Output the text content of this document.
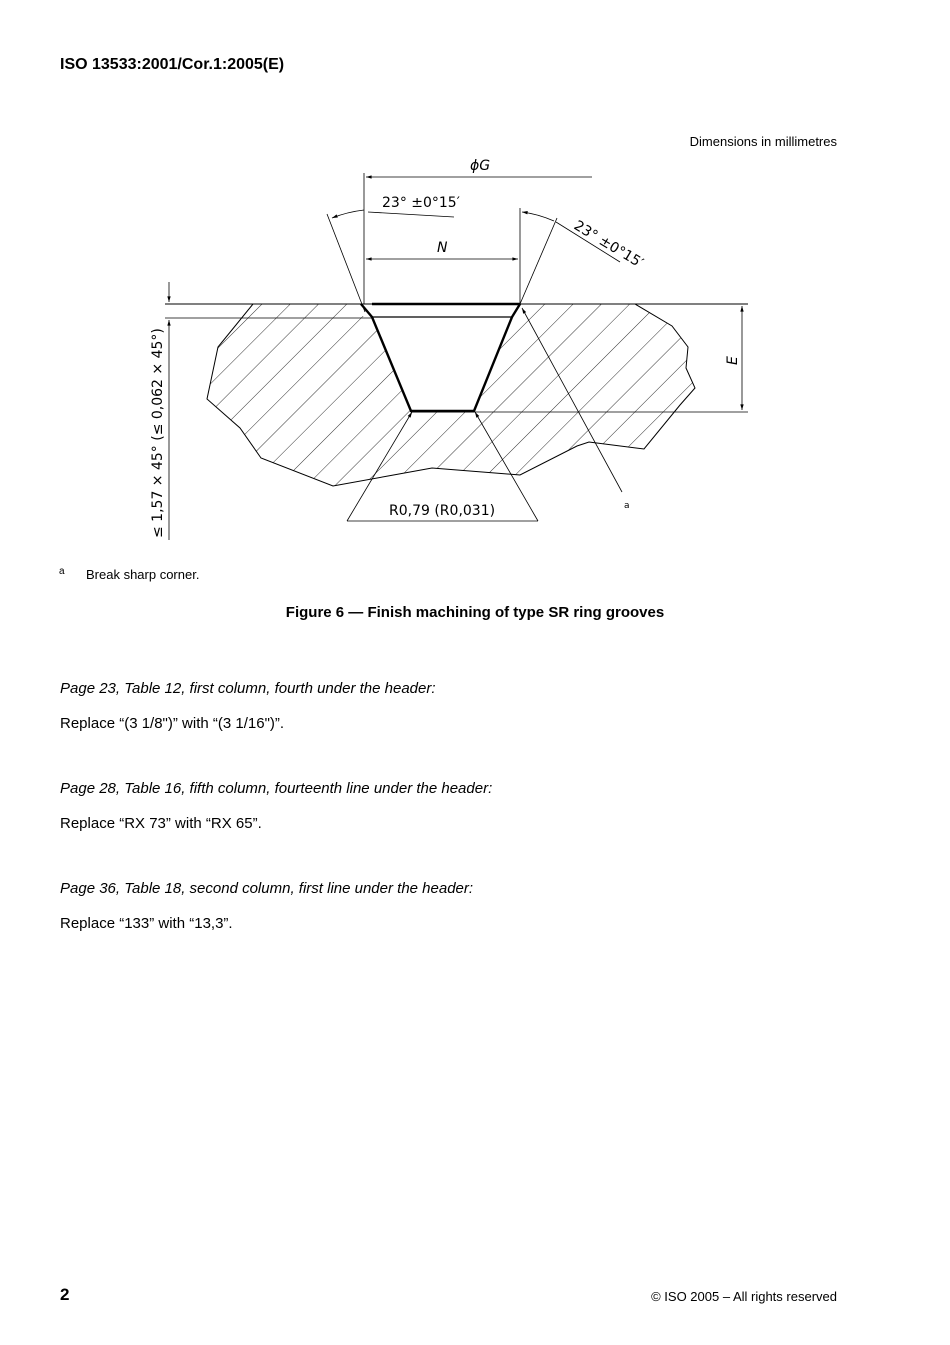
ISO 13533:2001/Cor.1:2005(E)
Dimensions in millimetres
ϕG
N
23° ±0°15′
23° ±0°15′
E
≤ 1,57 × 45° (≤ 0,062 × 45°)	R0,79 (R0,031)	a
a Break sharp corner.
Figure 6 — Finish machining of type SR ring grooves
Page 23, Table 12, first column, fourth under the header:
Replace “(3 1/8")” with “(3 1/16")”.
Page 28, Table 16, fifth column, fourteenth line under the header:
Replace “RX 73” with “RX 65”.
Page 36, Table 18, second column, first line under the header:
Replace “133” with “13,3”.
2	© ISO 2005 – All rights reserved
